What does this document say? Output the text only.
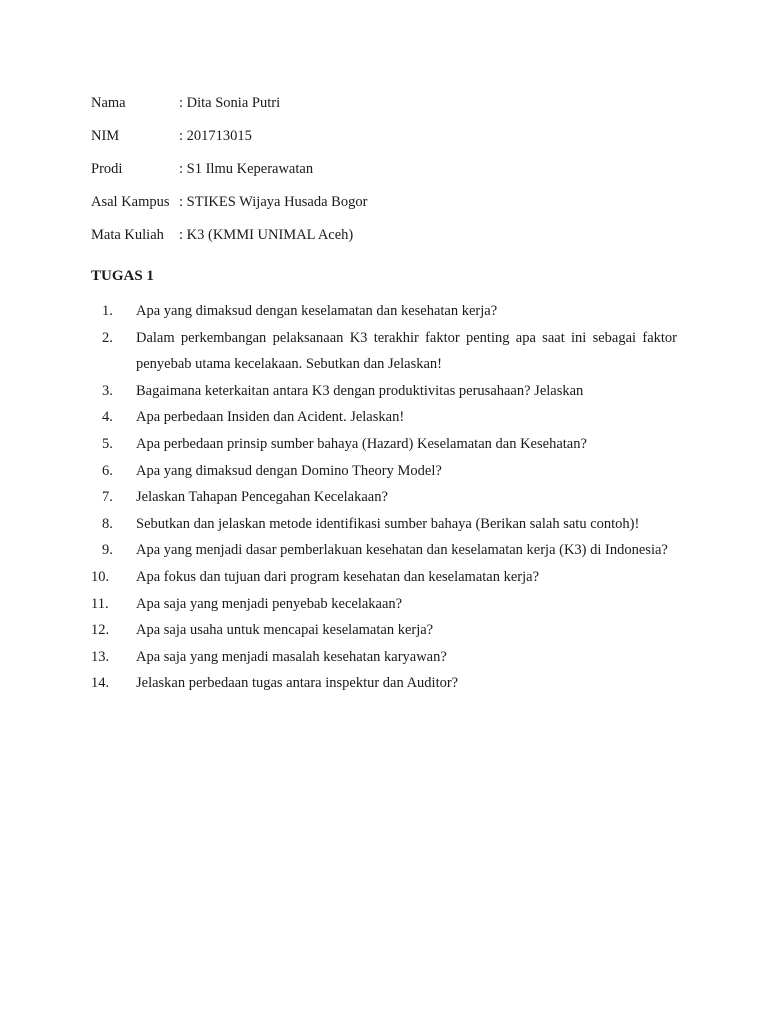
Nama	: Dita Sonia Putri
NIM	: 201713015
Prodi	: S1 Ilmu Keperawatan
Asal Kampus : STIKES Wijaya Husada Bogor
Mata Kuliah	: K3 (KMMI UNIMAL Aceh)
TUGAS 1
1.	Apa yang dimaksud dengan keselamatan dan kesehatan kerja?
2.	Dalam perkembangan pelaksanaan K3 terakhir faktor penting apa saat ini sebagai faktor penyebab utama kecelakaan. Sebutkan dan Jelaskan!
3.	Bagaimana keterkaitan antara K3 dengan produktivitas perusahaan? Jelaskan
4.	Apa perbedaan Insiden dan Acident. Jelaskan!
5.	Apa perbedaan prinsip sumber bahaya (Hazard) Keselamatan dan Kesehatan?
6.	Apa yang dimaksud dengan Domino Theory Model?
7.	Jelaskan Tahapan Pencegahan Kecelakaan?
8.	Sebutkan dan jelaskan metode identifikasi sumber bahaya (Berikan salah satu contoh)!
9.	Apa yang menjadi dasar pemberlakuan kesehatan dan keselamatan kerja (K3) di Indonesia?
10.	Apa fokus dan tujuan dari program kesehatan dan keselamatan kerja?
11.	Apa saja yang menjadi penyebab kecelakaan?
12.	Apa saja usaha untuk mencapai keselamatan kerja?
13.	Apa saja yang menjadi masalah kesehatan karyawan?
14.	Jelaskan perbedaan tugas antara inspektur dan Auditor?
